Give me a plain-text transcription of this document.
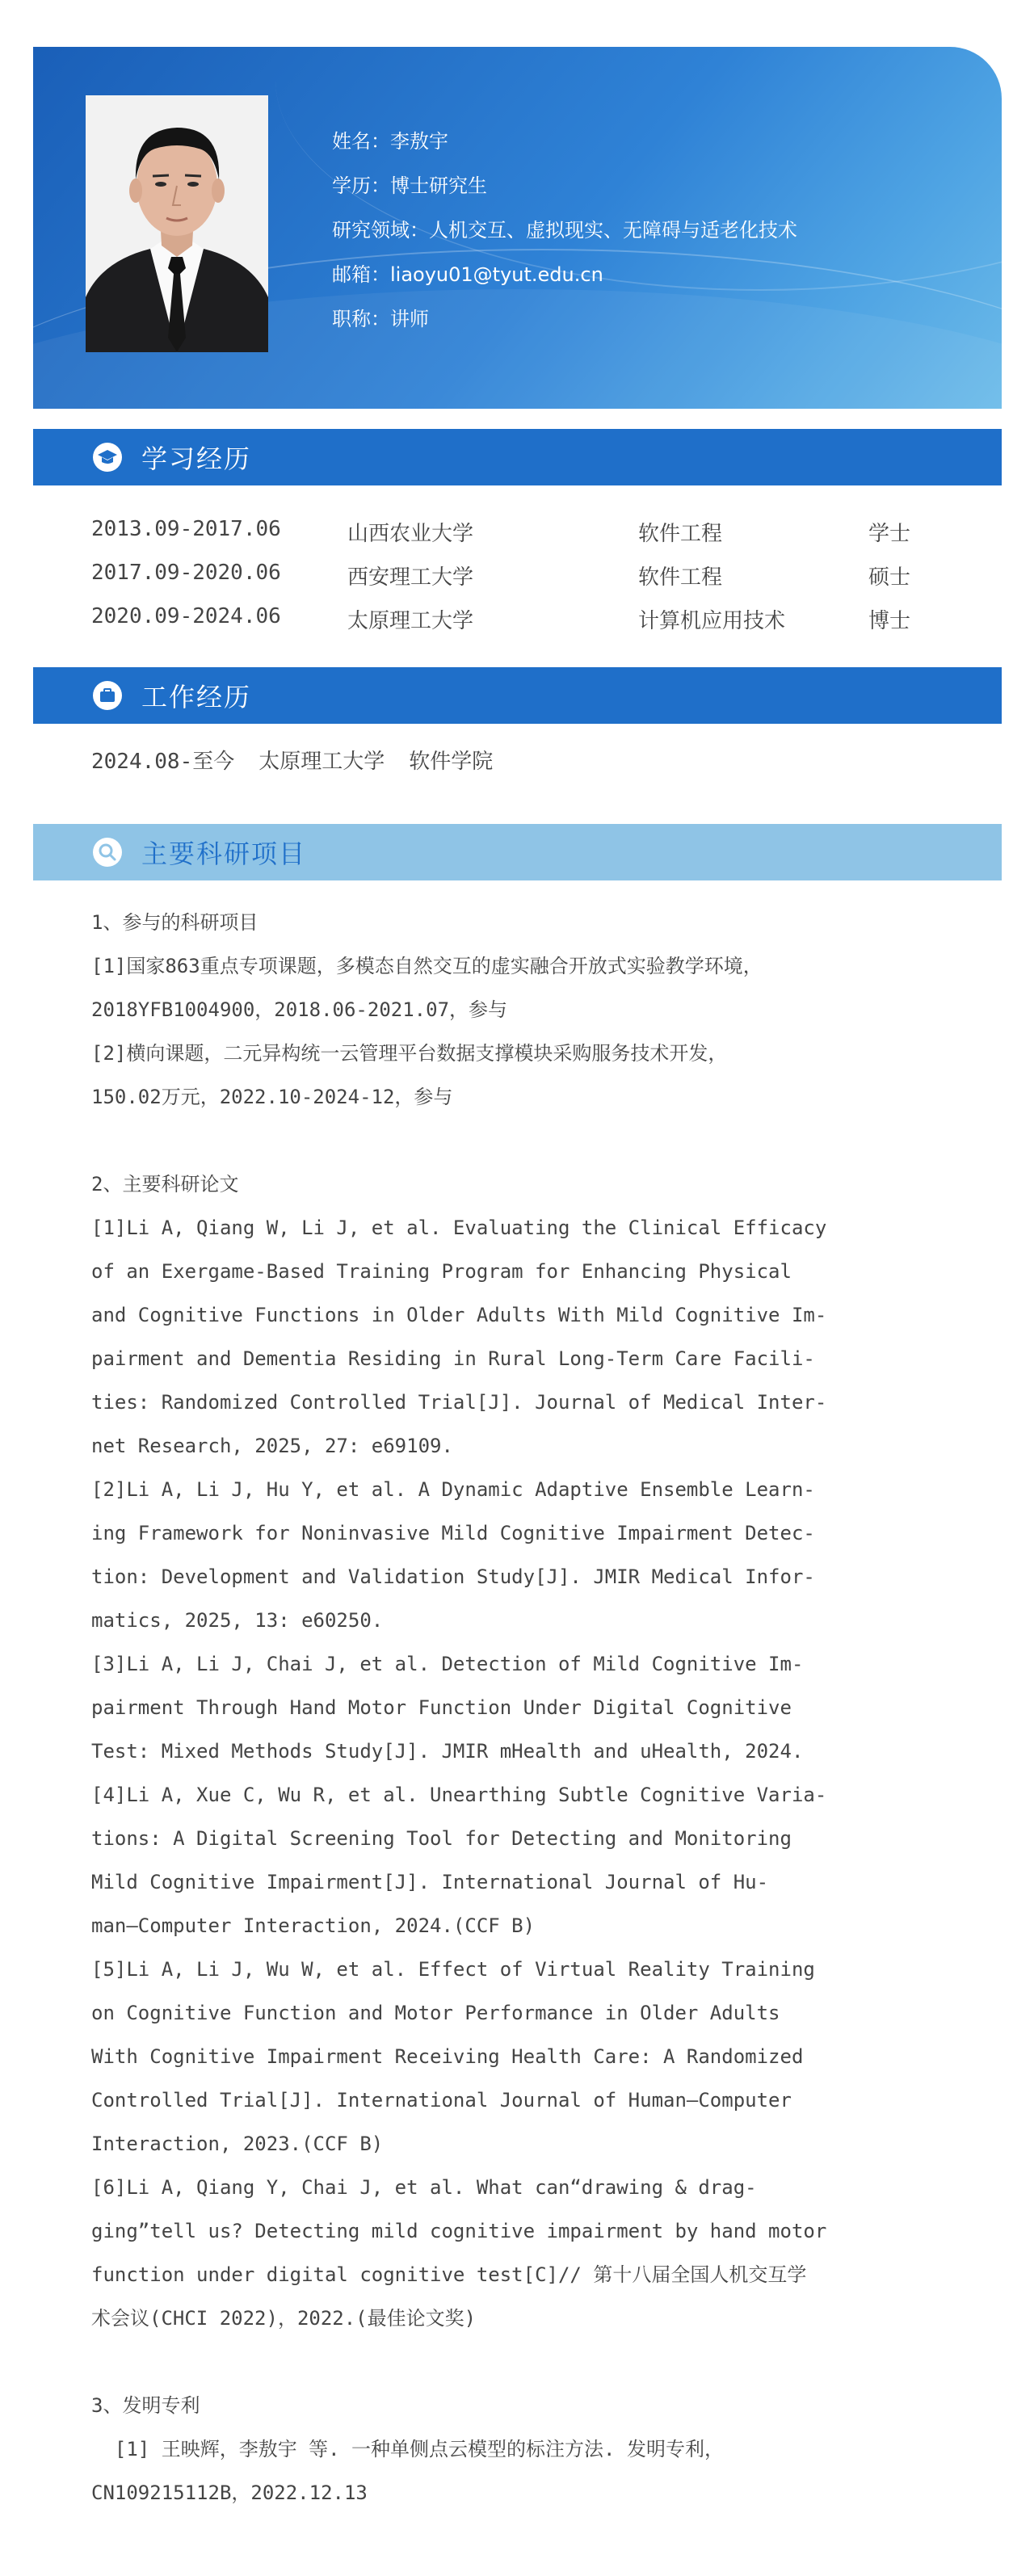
姓名：李敖宇
学历：博士研究生
研究领域：人机交互、虚拟现实、无障碍与适老化技术
邮箱：liaoyu01@tyut.edu.cn
职称：讲师
学习经历
2013.09-2017.06	山西农业大学	软件工程	学士
2017.09-2020.06	西安理工大学	软件工程	硕士
2020.09-2024.06	太原理工大学	计算机应用技术	博士
工作经历
2024.08-至今 太原理工大学 软件学院
主要科研项目

1、参与的科研项目

[1]国家863重点专项课题，多模态自然交互的虚实融合开放式实验教学环境，

2018YFB1004900，2018.06-2021.07，参与

[2]横向课题，二元异构统一云管理平台数据支撑模块采购服务技术开发，

150.02万元，2022.10-2024-12，参与

2、主要科研论文

[1]Li A, Qiang W, Li J, et al. Evaluating the Clinical Efficacy

of an Exergame-Based Training Program for Enhancing Physical

and Cognitive Functions in Older Adults With Mild Cognitive Im-

pairment and Dementia Residing in Rural Long-Term Care Facili-

ties: Randomized Controlled Trial[J]. Journal of Medical Inter-

net Research, 2025, 27: e69109.

[2]Li A, Li J, Hu Y, et al. A Dynamic Adaptive Ensemble Learn-

ing Framework for Noninvasive Mild Cognitive Impairment Detec-

tion: Development and Validation Study[J]. JMIR Medical Infor-

matics, 2025, 13: e60250.

[3]Li A, Li J, Chai J, et al. Detection of Mild Cognitive Im-

pairment Through Hand Motor Function Under Digital Cognitive

Test: Mixed Methods Study[J]. JMIR mHealth and uHealth, 2024.

[4]Li A, Xue C, Wu R, et al. Unearthing Subtle Cognitive Varia-

tions: A Digital Screening Tool for Detecting and Monitoring

Mild Cognitive Impairment[J]. International Journal of Hu-

man–Computer Interaction, 2024.(CCF B)

[5]Li A, Li J, Wu W, et al. Effect of Virtual Reality Training

on Cognitive Function and Motor Performance in Older Adults

With Cognitive Impairment Receiving Health Care: A Randomized

Controlled Trial[J]. International Journal of Human–Computer

Interaction, 2023.(CCF B)

[6]Li A, Qiang Y, Chai J, et al. What can“drawing & drag-

ging”tell us? Detecting mild cognitive impairment by hand motor

function under digital cognitive test[C]// 第十八届全国人机交互学

术会议(CHCI 2022)，2022.(最佳论文奖)

3、发明专利

[1] 王映辉，李敖宇 等. 一种单侧点云模型的标注方法. 发明专利，

CN109215112B，2022.12.13
